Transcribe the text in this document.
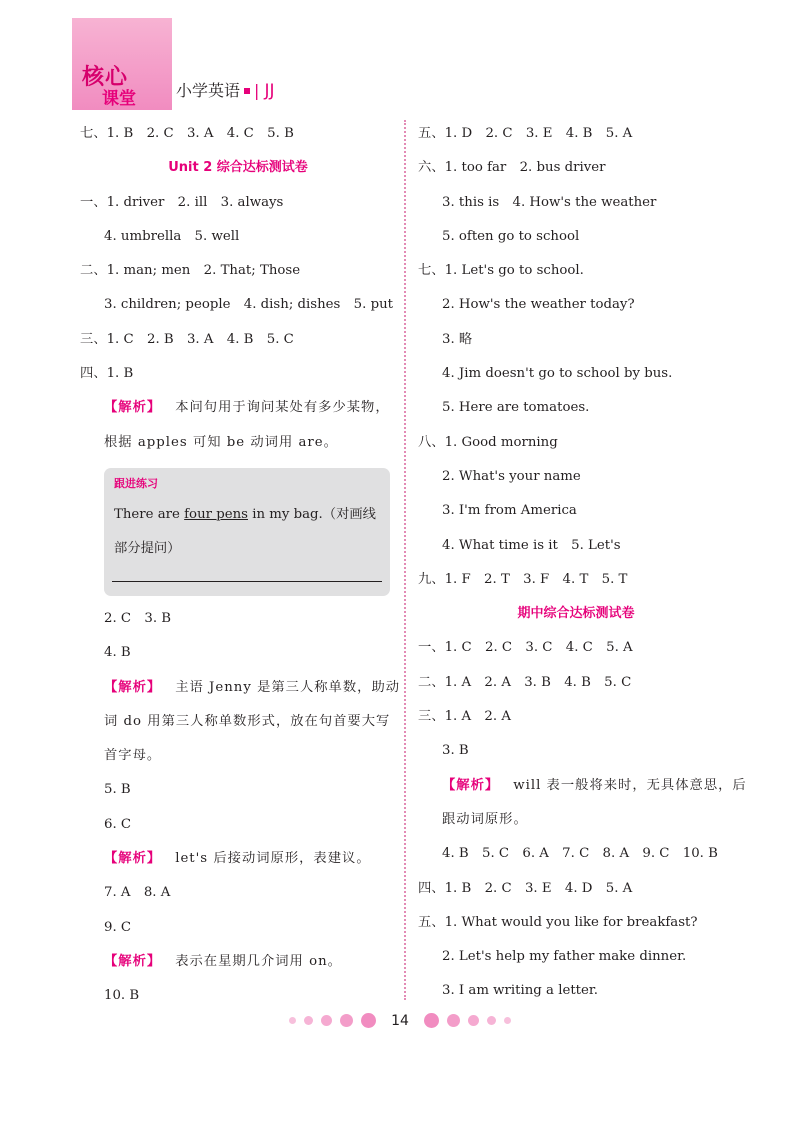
核心
课堂	小学英语 | JJ
七、1. B　2. C　3. A　4. C　5. B
Unit 2 综合达标测试卷
一、1. driver　2. ill　3. always
4. umbrella　5. well
二、1. man; men　2. That; Those
3. children; people　4. dish; dishes　5. put
三、1. C　2. B　3. A　4. B　5. C
四、1. B
【解析】 本问句用于询问某处有多少某物，
根据 apples 可知 be 动词用 are。
跟进练习
There are four pens in my bag.（对画线部分提问）
2. C　3. B
4. B
【解析】 主语 Jenny 是第三人称单数，助动
词 do 用第三人称单数形式，放在句首要大写
首字母。
5. B
6. C
【解析】 let's 后接动词原形，表建议。
7. A　8. A
9. C
【解析】 表示在星期几介词用 on。
10. B
五、1. D　2. C　3. E　4. B　5. A
六、1. too far　2. bus driver
3. this is　4. How's the weather
5. often go to school
七、1. Let's go to school.
2. How's the weather today?
3. 略
4. Jim doesn't go to school by bus.
5. Here are tomatoes.
八、1. Good morning
2. What's your name
3. I'm from America
4. What time is it　5. Let's
九、1. F　2. T　3. F　4. T　5. T
期中综合达标测试卷
一、1. C　2. C　3. C　4. C　5. A
二、1. A　2. A　3. B　4. B　5. C
三、1. A　2. A
3. B
【解析】 will 表一般将来时，无具体意思，后
跟动词原形。
4. B　5. C　6. A　7. C　8. A　9. C　10. B
四、1. B　2. C　3. E　4. D　5. A
五、1. What would you like for breakfast?
2. Let's help my father make dinner.
3. I am writing a letter.
14
